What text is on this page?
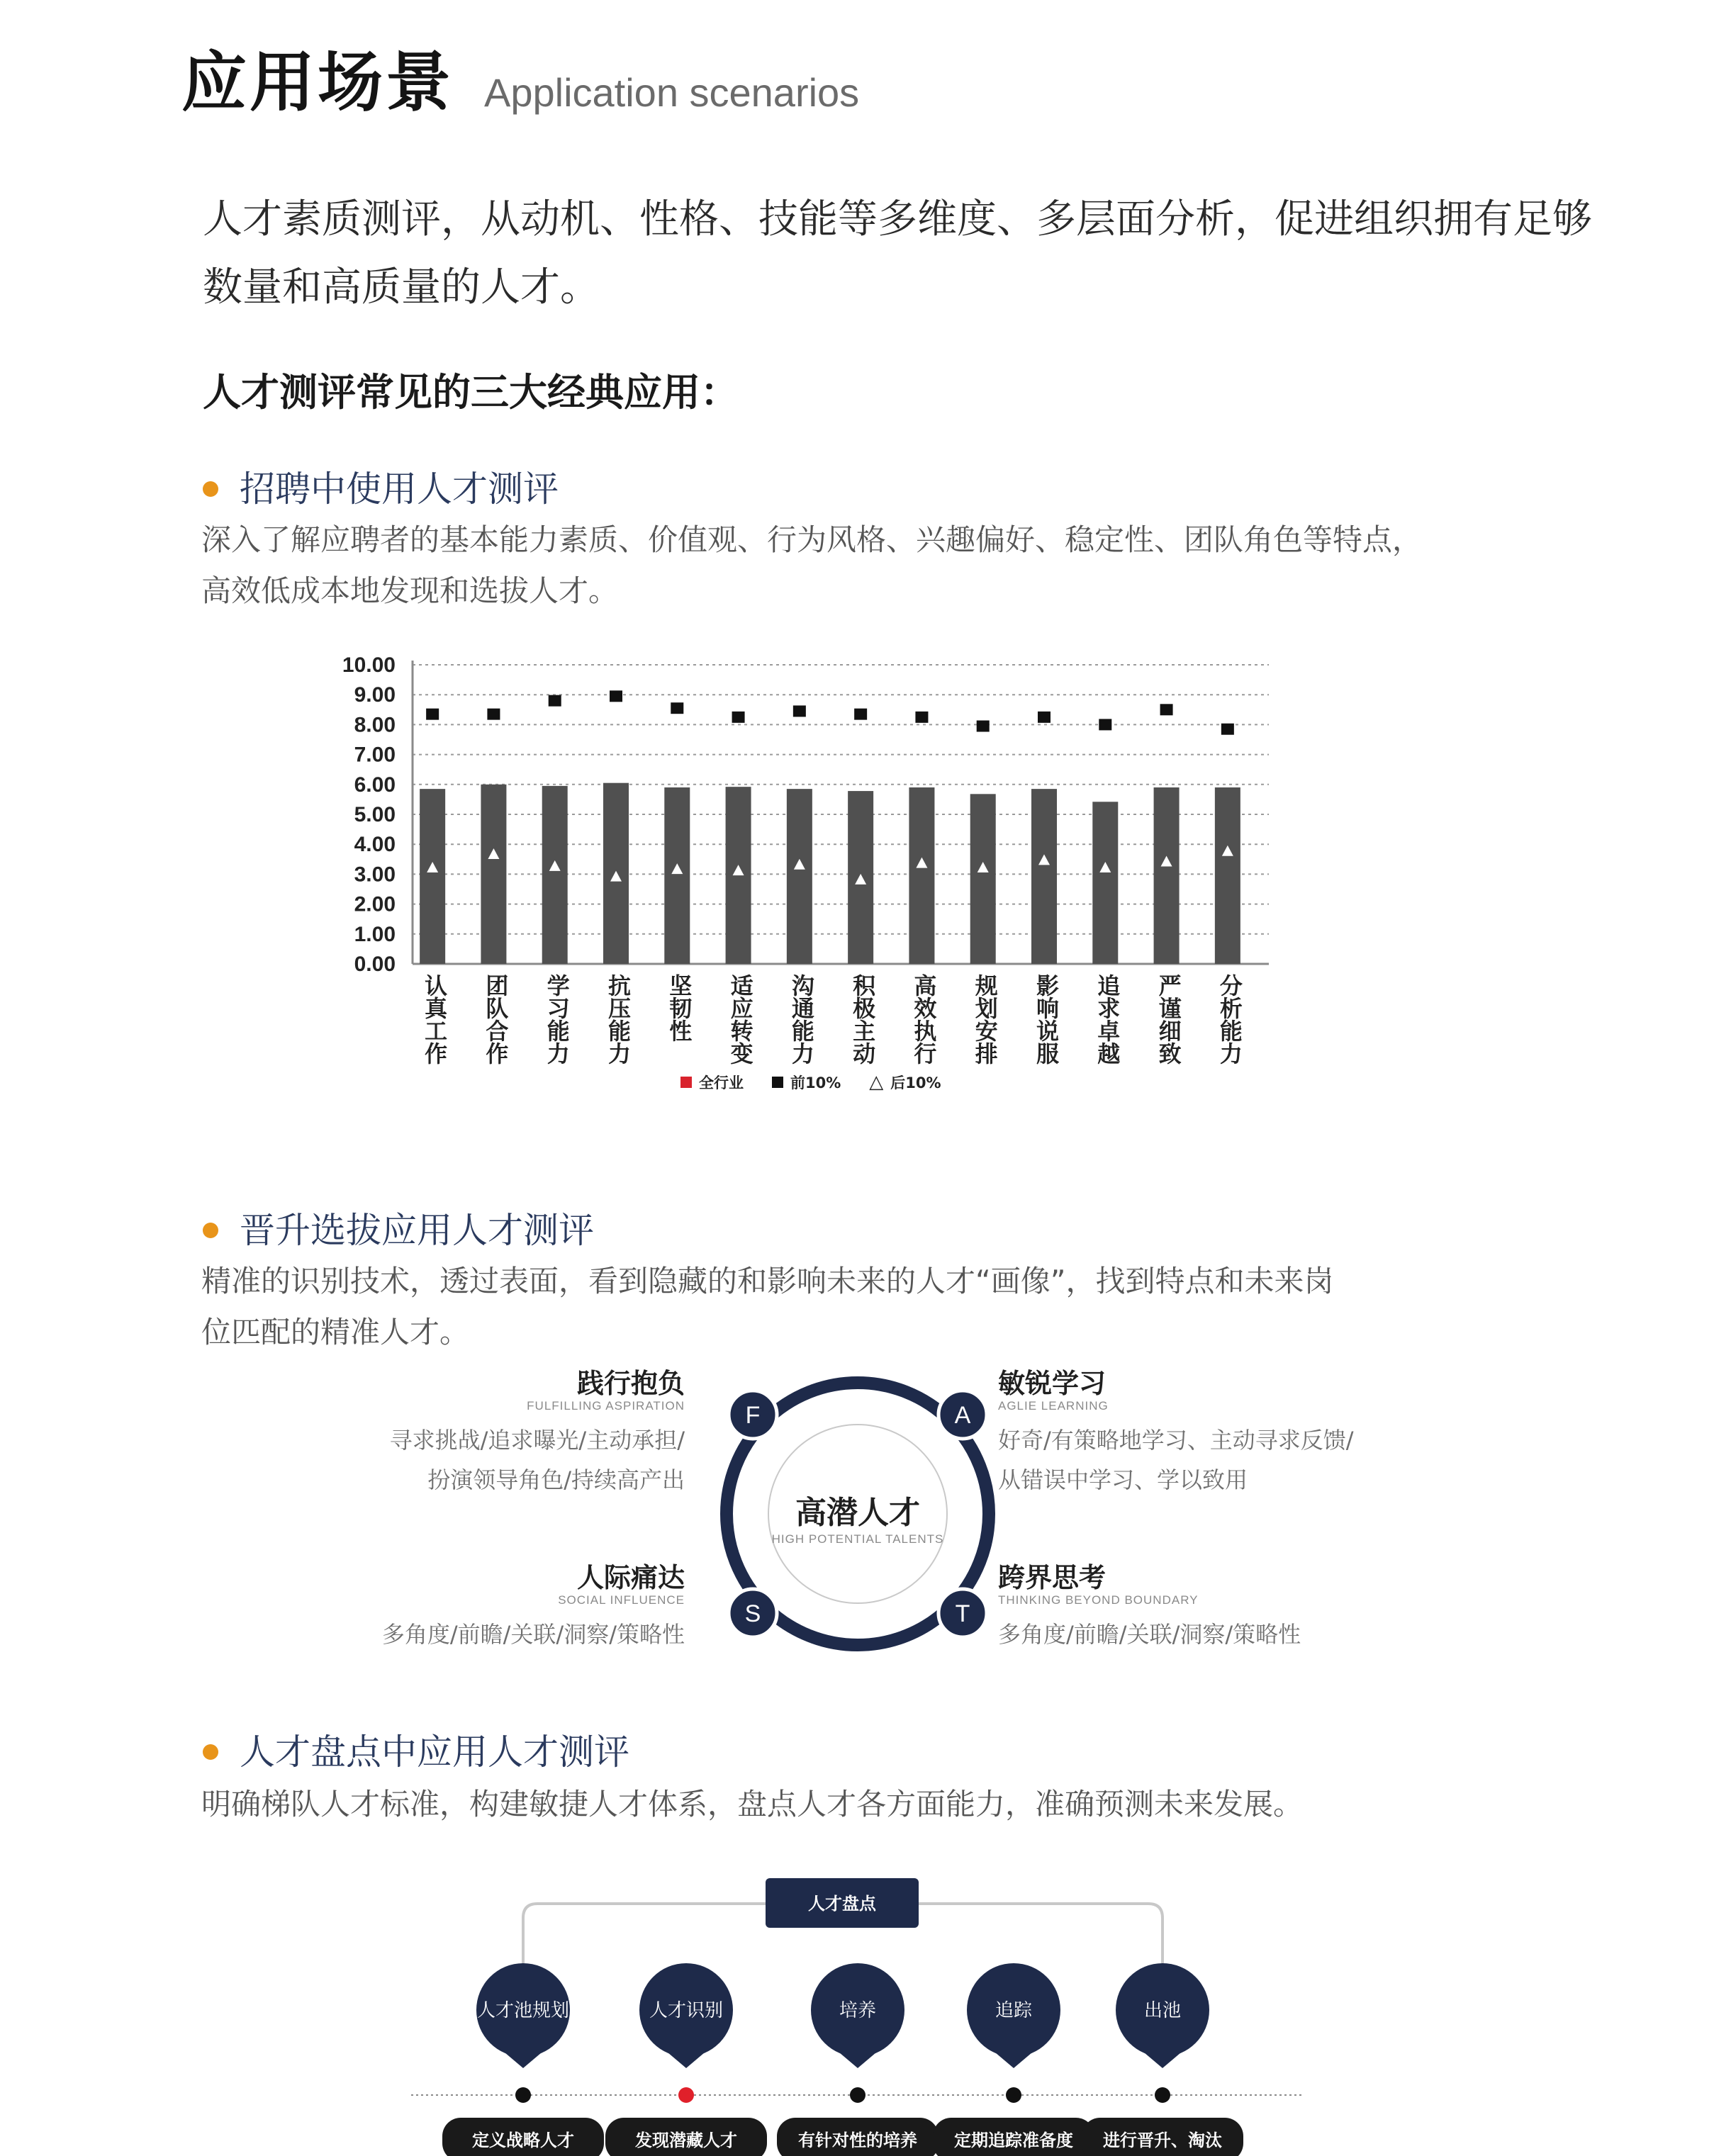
应用场景 Application scenarios
人才素质测评，从动机、性格、技能等多维度、多层面分析，促进组织拥有足够数量和高质量的人才。
人才测评常见的三大经典应用：
招聘中使用人才测评
深入了解应聘者的基本能力素质、价值观、行为风格、兴趣偏好、稳定性、团队角色等特点，
高效低成本地发现和选拔人才。
10.00
9.00
8.00
7.00
6.00
5.00
4.00
3.00
2.00
1.00
0.00
认真工作 团队合作 学习能力 抗压能力 坚韧性 适应转变 沟通能力 积极主动 高效执行 规划安排 影响说服 追求卓越 严谨细致 分析能力
全行业	前10% △ 后10%
晋升选拔应用人才测评
精准的识别技术，透过表面，看到隐藏的和影响未来的人才“画像”，找到特点和未来岗
位匹配的精准人才。
F	A
S	T
高潜人才
HIGH POTENTIAL TALENTS
践行抱负
FULFILLING ASPIRATION
寻求挑战/追求曝光/主动承担/
扮演领导角色/持续高产出
敏锐学习
AGLIE LEARNING
好奇/有策略地学习、主动寻求反馈/
从错误中学习、学以致用
人际痛达
SOCIAL INFLUENCE
多角度/前瞻/关联/洞察/策略性
跨界思考
THINKING BEYOND BOUNDARY
多角度/前瞻/关联/洞察/策略性
人才盘点中应用人才测评
明确梯队人才标准，构建敏捷人才体系，盘点人才各方面能力，准确预测未来发展。
人才盘点
人才池规划
定义战略人才
人才识别
发现潜藏人才
培养
有针对性的培养
追踪
定期追踪准备度
出池
进行晋升、淘汰
